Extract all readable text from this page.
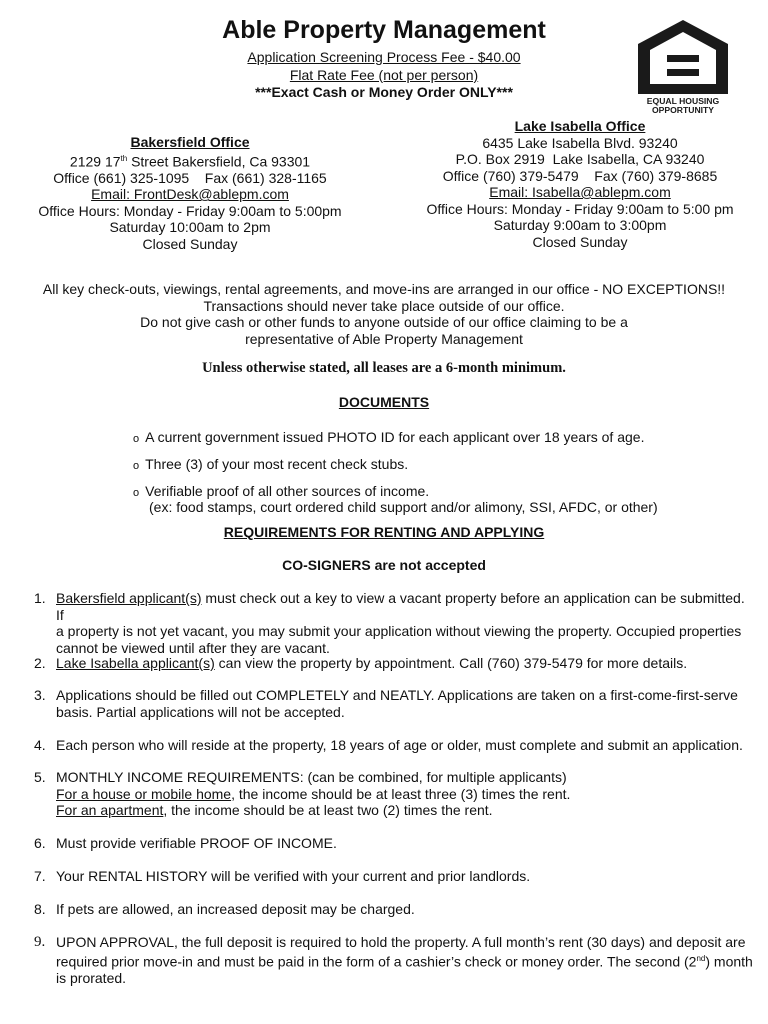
Able Property Management
Application Screening Process Fee - $40.00
Flat Rate Fee (not per person)
***Exact Cash or Money Order ONLY***
EQUAL HOUSING
OPPORTUNITY
Bakersfield Office
2129 17th Street Bakersfield, Ca 93301
Office (661) 325-1095    Fax (661) 328-1165
Email: FrontDesk@ablepm.com
Office Hours: Monday - Friday 9:00am to 5:00pm
Saturday 10:00am to 2pm
Closed Sunday
Lake Isabella Office
6435 Lake Isabella Blvd. 93240
P.O. Box 2919  Lake Isabella, CA 93240
Office (760) 379-5479    Fax (760) 379-8685
Email: Isabella@ablepm.com
Office Hours: Monday - Friday 9:00am to 5:00 pm
Saturday 9:00am to 3:00pm
Closed Sunday
All key check-outs, viewings, rental agreements, and move-ins are arranged in our office - NO EXCEPTIONS!!
Transactions should never take place outside of our office.
Do not give cash or other funds to anyone outside of our office claiming to be a
representative of Able Property Management
Unless otherwise stated, all leases are a 6-month minimum.
DOCUMENTS
o A current government issued PHOTO ID for each applicant over 18 years of age.
o Three (3) of your most recent check stubs.
o Verifiable proof of all other sources of income.
(ex: food stamps, court ordered child support and/or alimony, SSI, AFDC, or other)
REQUIREMENTS FOR RENTING AND APPLYING
CO-SIGNERS are not accepted
1. Bakersfield applicant(s) must check out a key to view a vacant property before an application can be submitted. If
a property is not yet vacant, you may submit your application without viewing the property. Occupied properties
cannot be viewed until after they are vacant.
2. Lake Isabella applicant(s) can view the property by appointment. Call (760) 379-5479 for more details.
3. Applications should be filled out COMPLETELY and NEATLY. Applications are taken on a first-come-first-serve
basis. Partial applications will not be accepted.
4. Each person who will reside at the property, 18 years of age or older, must complete and submit an application.
5. MONTHLY INCOME REQUIREMENTS: (can be combined, for multiple applicants)
For a house or mobile home, the income should be at least three (3) times the rent.
For an apartment, the income should be at least two (2) times the rent.
6. Must provide verifiable PROOF OF INCOME.
7. Your RENTAL HISTORY will be verified with your current and prior landlords.
8. If pets are allowed, an increased deposit may be charged.
9. UPON APPROVAL, the full deposit is required to hold the property. A full month’s rent (30 days) and deposit are
required prior move-in and must be paid in the form of a cashier’s check or money order. The second (2nd) month
is prorated.
